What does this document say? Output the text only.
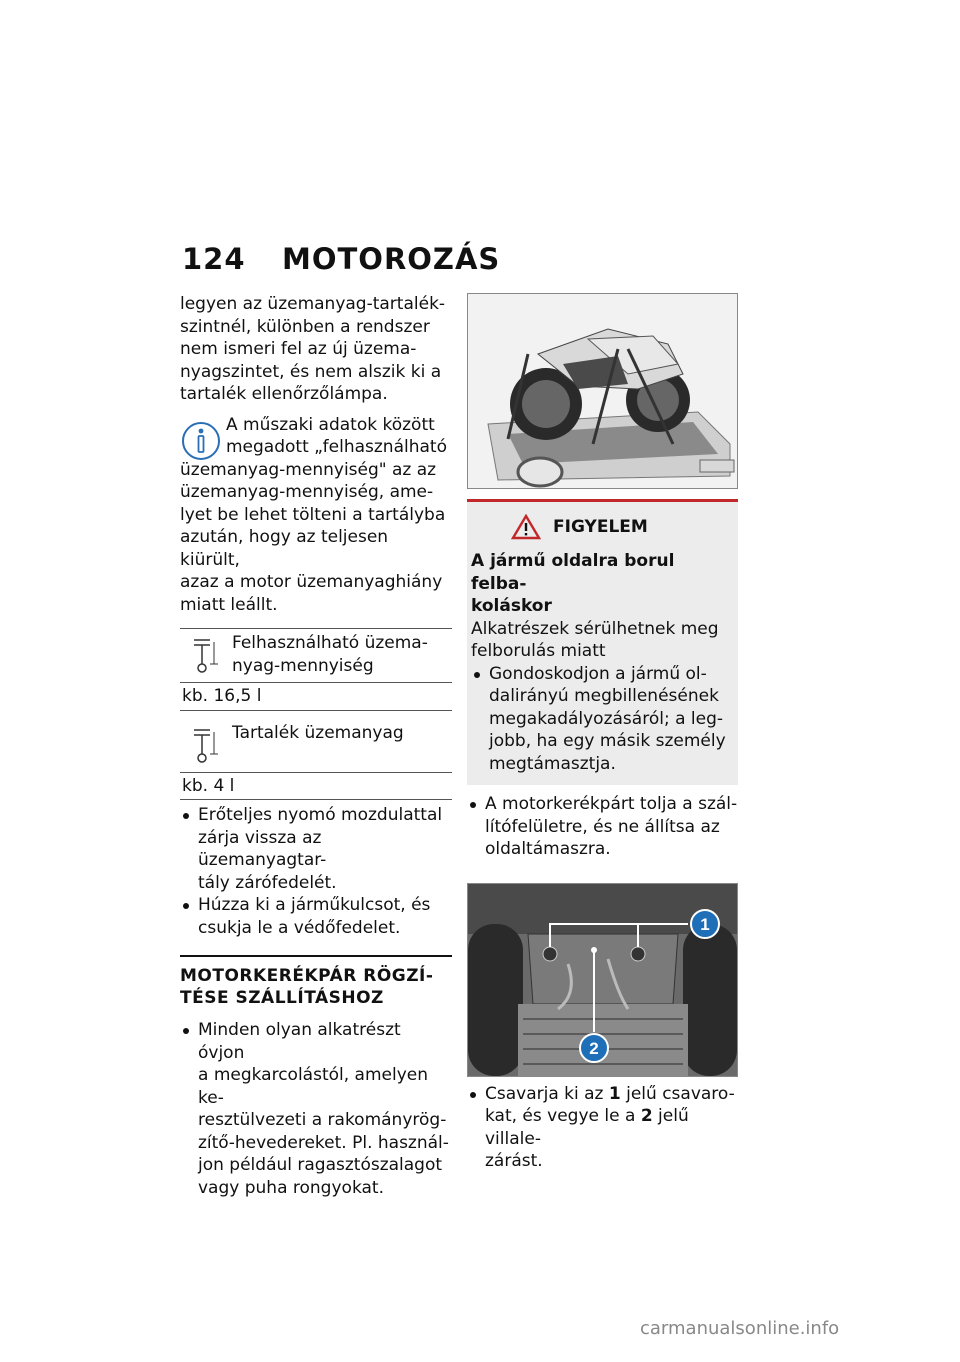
124 MOTOROZÁS
legyen az üzemanyag-tartalék-
szintnél, különben a rendszer
nem ismeri fel az új üzema-
nyagszintet, és nem alszik ki a
tartalék ellenőrzőlámpa.
A műszaki adatok között
megadott „felhasználható
üzemanyag-mennyiség" az az
üzemanyag-mennyiség, ame-
lyet be lehet tölteni a tartályba
azután, hogy az teljesen kiürült,
azaz a motor üzemanyaghiány
miatt leállt.
Felhasználható üzema-
nyag-mennyiség
kb. 16,5 l
Tartalék üzemanyag
kb. 4 l
Erőteljes nyomó mozdulattal
zárja vissza az üzemanyagtar-
tály zárófedelét.
Húzza ki a járműkulcsot, és
csukja le a védőfedelet.
MOTORKERÉKPÁR RÖGZÍ-
TÉSE SZÁLLÍTÁSHOZ
Minden olyan alkatrészt óvjon
a megkarcolástól, amelyen ke-
resztülvezeti a rakományrög-
zítő-hevedereket. Pl. használ-
jon például ragasztószalagot
vagy puha rongyokat.
FIGYELEM
A jármű oldalra borul felba-
koláskor
Alkatrészek sérülhetnek meg
felborulás miatt
Gondoskodjon a jármű ol-
dalirányú megbillenésének
megakadályozásáról; a leg-
jobb, ha egy másik személy
megtámasztja.
A motorkerékpárt tolja a szál-
lítófelületre, és ne állítsa az
oldaltámaszra.
1
2
Csavarja ki az 1 jelű csavaro-
kat, és vegye le a 2 jelű villale-
zárást.
carmanualsonline.info
